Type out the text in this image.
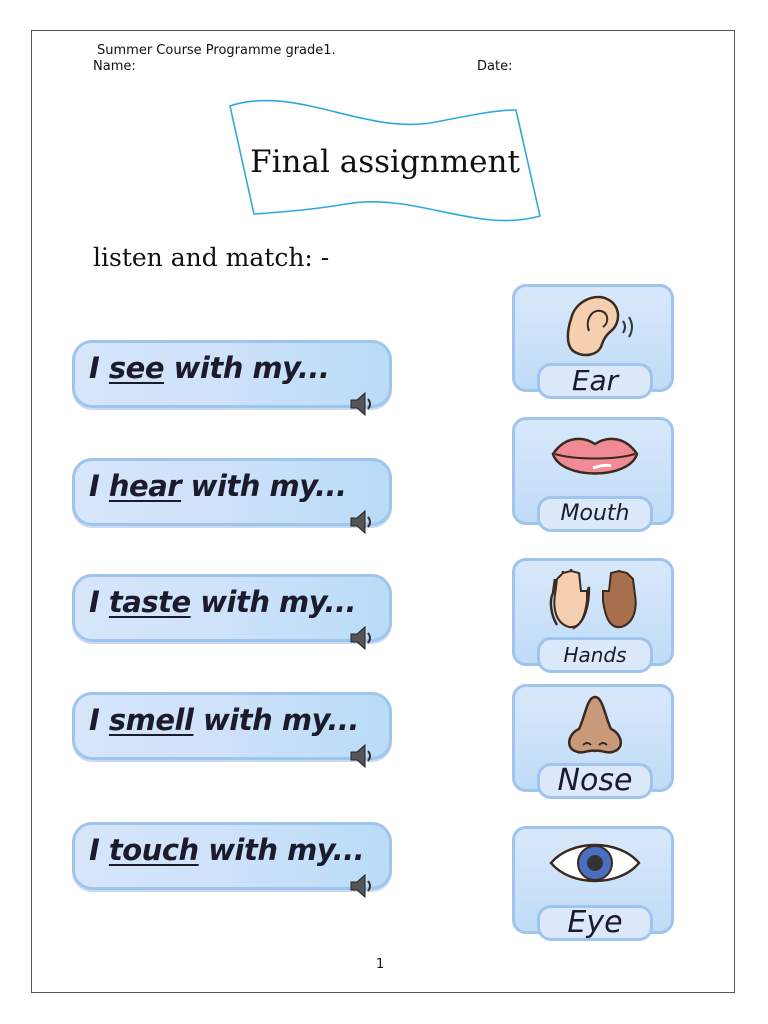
Summer Course Programme grade1.
Name:	Date:
Final assignment
listen and match: -
I see with my...
I hear with my...
I taste with my...
I smell with my...
I touch with my...
Ear
Mouth
Hands
Nose
Eye
1
